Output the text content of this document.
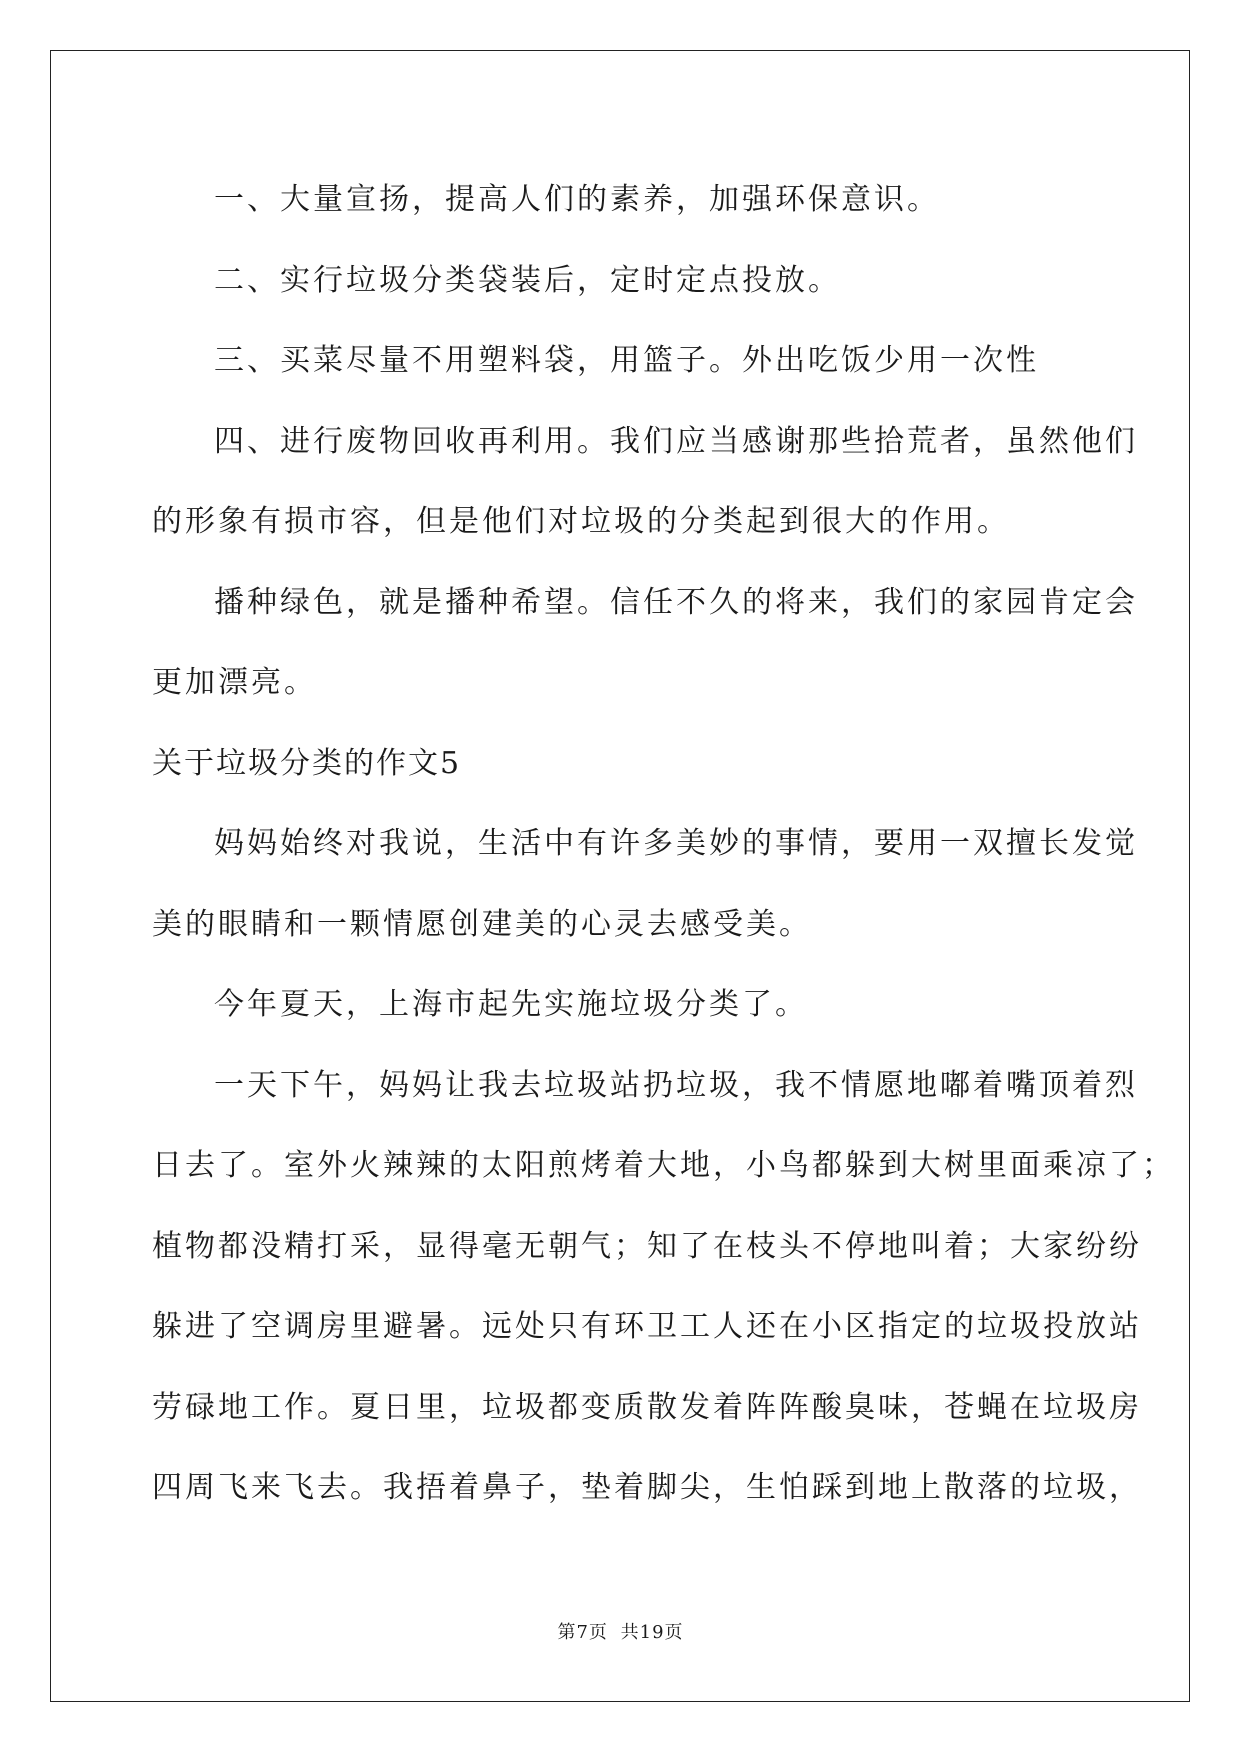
一、大量宣扬，提高人们的素养，加强环保意识。
二、实行垃圾分类袋装后，定时定点投放。
三、买菜尽量不用塑料袋，用篮子。外出吃饭少用一次性
四、进行废物回收再利用。我们应当感谢那些拾荒者，虽然他们
的形象有损市容，但是他们对垃圾的分类起到很大的作用。
播种绿色，就是播种希望。信任不久的将来，我们的家园肯定会
更加漂亮。
关于垃圾分类的作文5
妈妈始终对我说，生活中有许多美妙的事情，要用一双擅长发觉
美的眼睛和一颗情愿创建美的心灵去感受美。
今年夏天，上海市起先实施垃圾分类了。
一天下午，妈妈让我去垃圾站扔垃圾，我不情愿地嘟着嘴顶着烈
日去了。室外火辣辣的太阳煎烤着大地，小鸟都躲到大树里面乘凉了；
植物都没精打采，显得毫无朝气；知了在枝头不停地叫着；大家纷纷
躲进了空调房里避暑。远处只有环卫工人还在小区指定的垃圾投放站
劳碌地工作。夏日里，垃圾都变质散发着阵阵酸臭味，苍蝇在垃圾房
四周飞来飞去。我捂着鼻子，垫着脚尖，生怕踩到地上散落的垃圾，
第7页 共19页
